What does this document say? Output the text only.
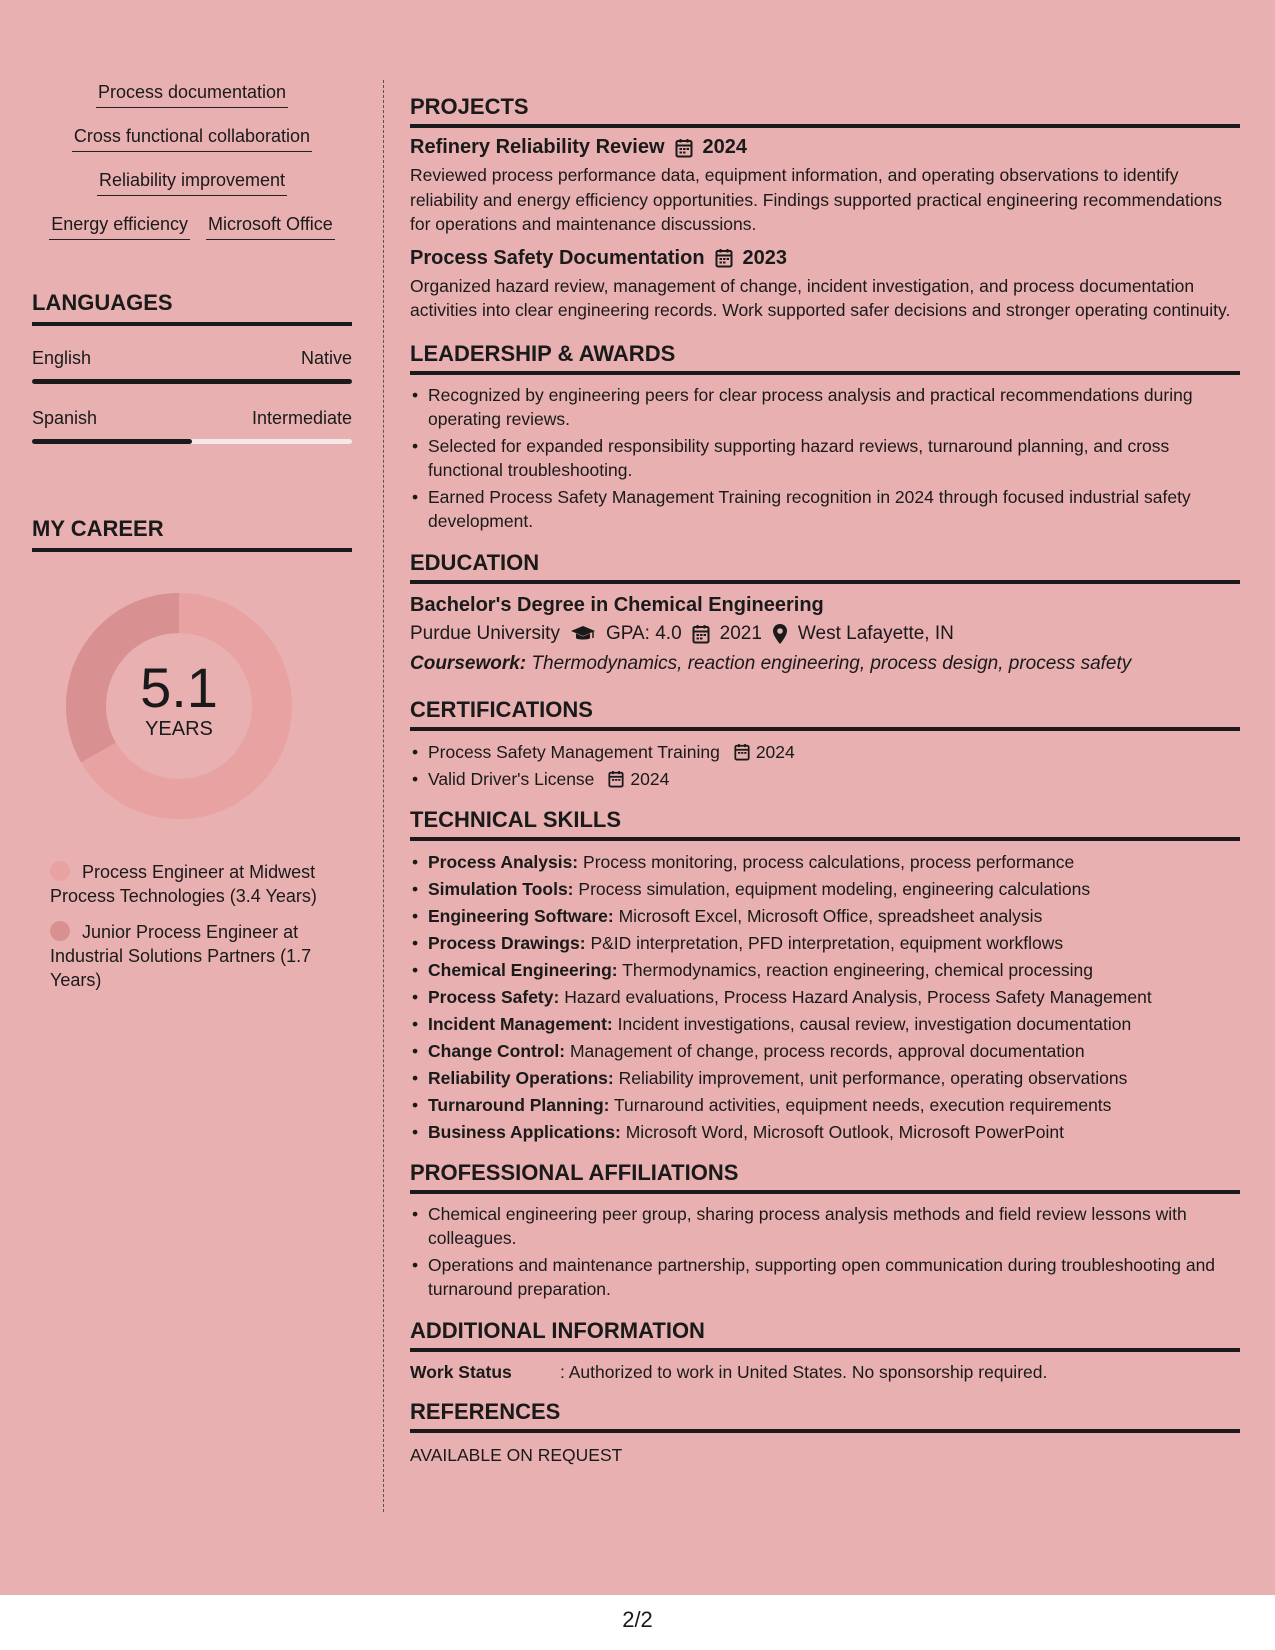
Process documentation
Cross functional collaboration
Reliability improvement
Energy efficiency Microsoft Office
LANGUAGES
English	Native
Spanish	Intermediate
MY CAREER
5.1
YEARS
Process Engineer at Midwest Process Technologies (3.4 Years)
Junior Process Engineer at Industrial Solutions Partners (1.7 Years)
PROJECTS
Refinery Reliability Review 2024
Reviewed process performance data, equipment information, and operating observations to identify reliability and energy efficiency opportunities. Findings supported practical engineering recommendations for operations and maintenance discussions.
Process Safety Documentation 2023
Organized hazard review, management of change, incident investigation, and process documentation activities into clear engineering records. Work supported safer decisions and stronger operating continuity.
LEADERSHIP & AWARDS
• Recognized by engineering peers for clear process analysis and practical recommendations during operating reviews.
• Selected for expanded responsibility supporting hazard reviews, turnaround planning, and cross functional troubleshooting.
• Earned Process Safety Management Training recognition in 2024 through focused industrial safety development.
EDUCATION
Bachelor's Degree in Chemical Engineering
Purdue University GPA: 4.0 2021 West Lafayette, IN
Coursework: Thermodynamics, reaction engineering, process design, process safety
CERTIFICATIONS
• Process Safety Management Training 2024
• Valid Driver's License 2024
TECHNICAL SKILLS
• Process Analysis: Process monitoring, process calculations, process performance
• Simulation Tools: Process simulation, equipment modeling, engineering calculations
• Engineering Software: Microsoft Excel, Microsoft Office, spreadsheet analysis
• Process Drawings: P&ID interpretation, PFD interpretation, equipment workflows
• Chemical Engineering: Thermodynamics, reaction engineering, chemical processing
• Process Safety: Hazard evaluations, Process Hazard Analysis, Process Safety Management
• Incident Management: Incident investigations, causal review, investigation documentation
• Change Control: Management of change, process records, approval documentation
• Reliability Operations: Reliability improvement, unit performance, operating observations
• Turnaround Planning: Turnaround activities, equipment needs, execution requirements
• Business Applications: Microsoft Word, Microsoft Outlook, Microsoft PowerPoint
PROFESSIONAL AFFILIATIONS
• Chemical engineering peer group, sharing process analysis methods and field review lessons with colleagues.
• Operations and maintenance partnership, supporting open communication during troubleshooting and turnaround preparation.
ADDITIONAL INFORMATION
Work Status	: Authorized to work in United States. No sponsorship required.
REFERENCES
AVAILABLE ON REQUEST
2/2
